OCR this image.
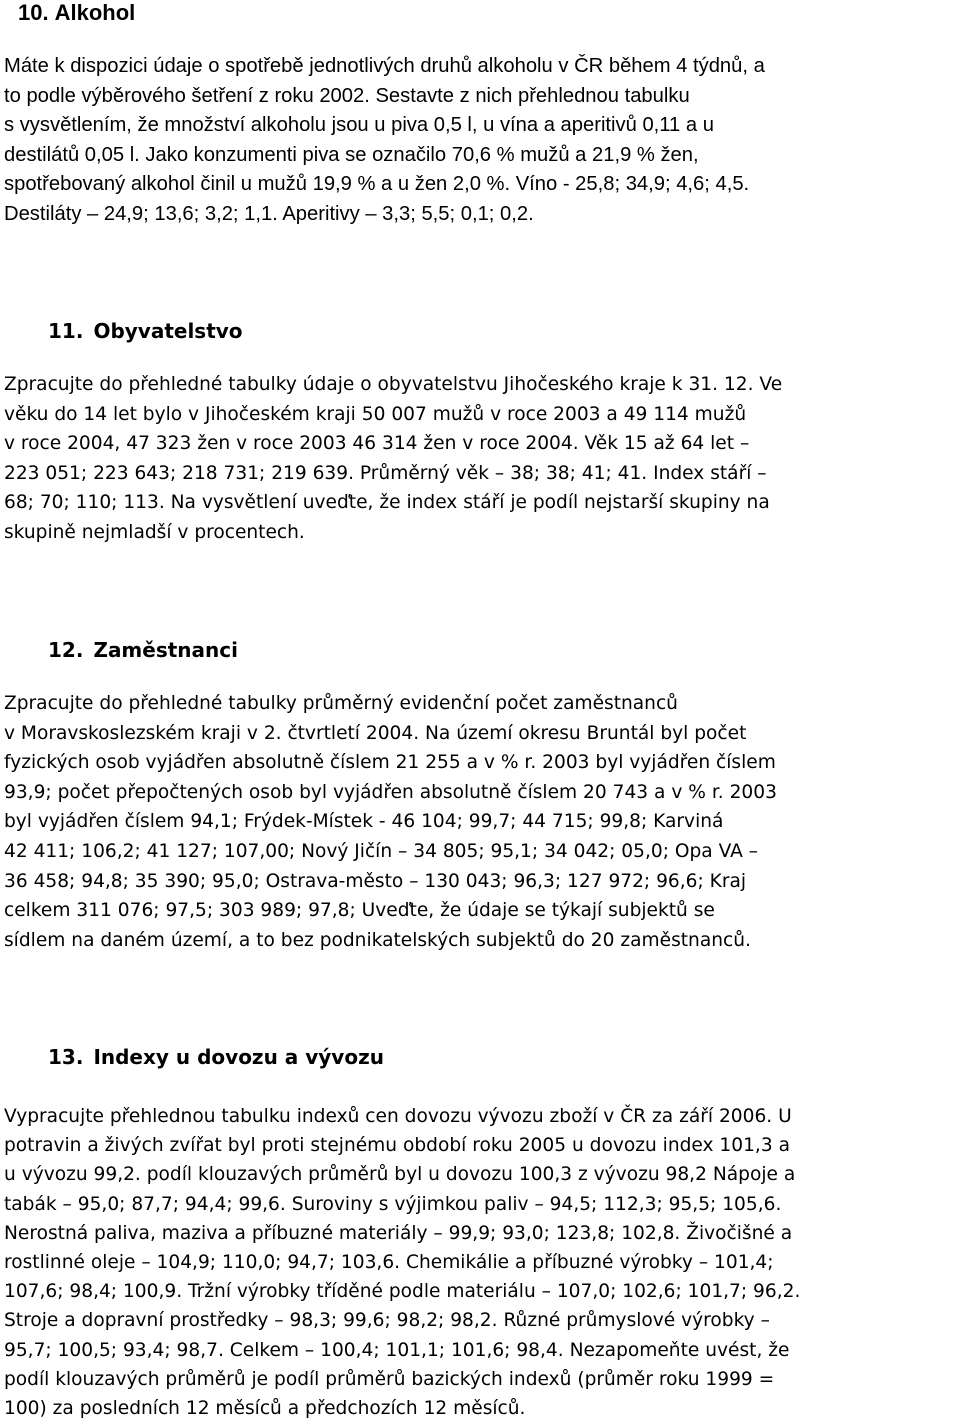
10. Alkohol

Máte k dispozici údaje o spotřebě jednotlivých druhů alkoholu v ČR během 4 týdnů, a
to podle výběrového šetření z roku 2002. Sestavte z nich přehlednou tabulku
s vysvětlením, že množství alkoholu jsou u piva 0,5 l, u vína a aperitivů 0,11 a u
destilátů 0,05 l. Jako konzumenti piva se označilo 70,6 % mužů a 21,9 % žen,
spotřebovaný alkohol činil u mužů 19,9 % a u žen 2,0 %. Víno - 25,8; 34,9; 4,6; 4,5.
Destiláty – 24,9; 13,6; 3,2; 1,1. Aperitivy – 3,3; 5,5; 0,1; 0,2.

11. Obyvatelstvo

Zpracujte do přehledné tabulky údaje o obyvatelstvu Jihočeského kraje k 31. 12. Ve
věku do 14 let bylo v Jihočeském kraji 50 007 mužů v roce 2003 a 49 114 mužů
v roce 2004, 47 323 žen v roce 2003 46 314 žen v roce 2004. Věk 15 až 64 let –
223 051; 223 643; 218 731; 219 639. Průměrný věk – 38; 38; 41; 41. Index stáří –
68; 70; 110; 113. Na vysvětlení uveďte, že index stáří je podíl nejstarší skupiny na
skupině nejmladší v procentech.

12. Zaměstnanci

Zpracujte do přehledné tabulky průměrný evidenční počet zaměstnanců
v Moravskoslezském kraji v 2. čtvrtletí 2004. Na území okresu Bruntál byl počet
fyzických osob vyjádřen absolutně číslem 21 255 a v % r. 2003 byl vyjádřen číslem
93,9; počet přepočtených osob byl vyjádřen absolutně číslem 20 743 a v % r. 2003
byl vyjádřen číslem 94,1; Frýdek-Místek - 46 104; 99,7; 44 715; 99,8; Karviná
42 411; 106,2; 41 127; 107,00; Nový Jičín – 34 805; 95,1; 34 042; 05,0; Opa VA –
36 458; 94,8; 35 390; 95,0; Ostrava-město – 130 043; 96,3; 127 972; 96,6; Kraj
celkem 311 076; 97,5; 303 989; 97,8; Uveďte, že údaje se týkají subjektů se
sídlem na daném území, a to bez podnikatelských subjektů do 20 zaměstnanců.

13. Indexy u dovozu a vývozu

Vypracujte přehlednou tabulku indexů cen dovozu vývozu zboží v ČR za září 2006. U
potravin a živých zvířat byl proti stejnému období roku 2005 u dovozu index 101,3 a
u vývozu 99,2. podíl klouzavých průměrů byl u dovozu 100,3 z vývozu 98,2 Nápoje a
tabák – 95,0; 87,7; 94,4; 99,6. Suroviny s výjimkou paliv – 94,5; 112,3; 95,5; 105,6.
Nerostná paliva, maziva a příbuzné materiály – 99,9; 93,0; 123,8; 102,8. Živočišné a
rostlinné oleje – 104,9; 110,0; 94,7; 103,6. Chemikálie a příbuzné výrobky – 101,4;
107,6; 98,4; 100,9. Tržní výrobky tříděné podle materiálu – 107,0; 102,6; 101,7; 96,2.
Stroje a dopravní prostředky – 98,3; 99,6; 98,2; 98,2. Různé průmyslové výrobky –
95,7; 100,5; 93,4; 98,7. Celkem – 100,4; 101,1; 101,6; 98,4. Nezapomeňte uvést, že
podíl klouzavých průměrů je podíl průměrů bazických indexů (průměr roku 1999 =
100) za posledních 12 měsíců a předchozích 12 měsíců.
